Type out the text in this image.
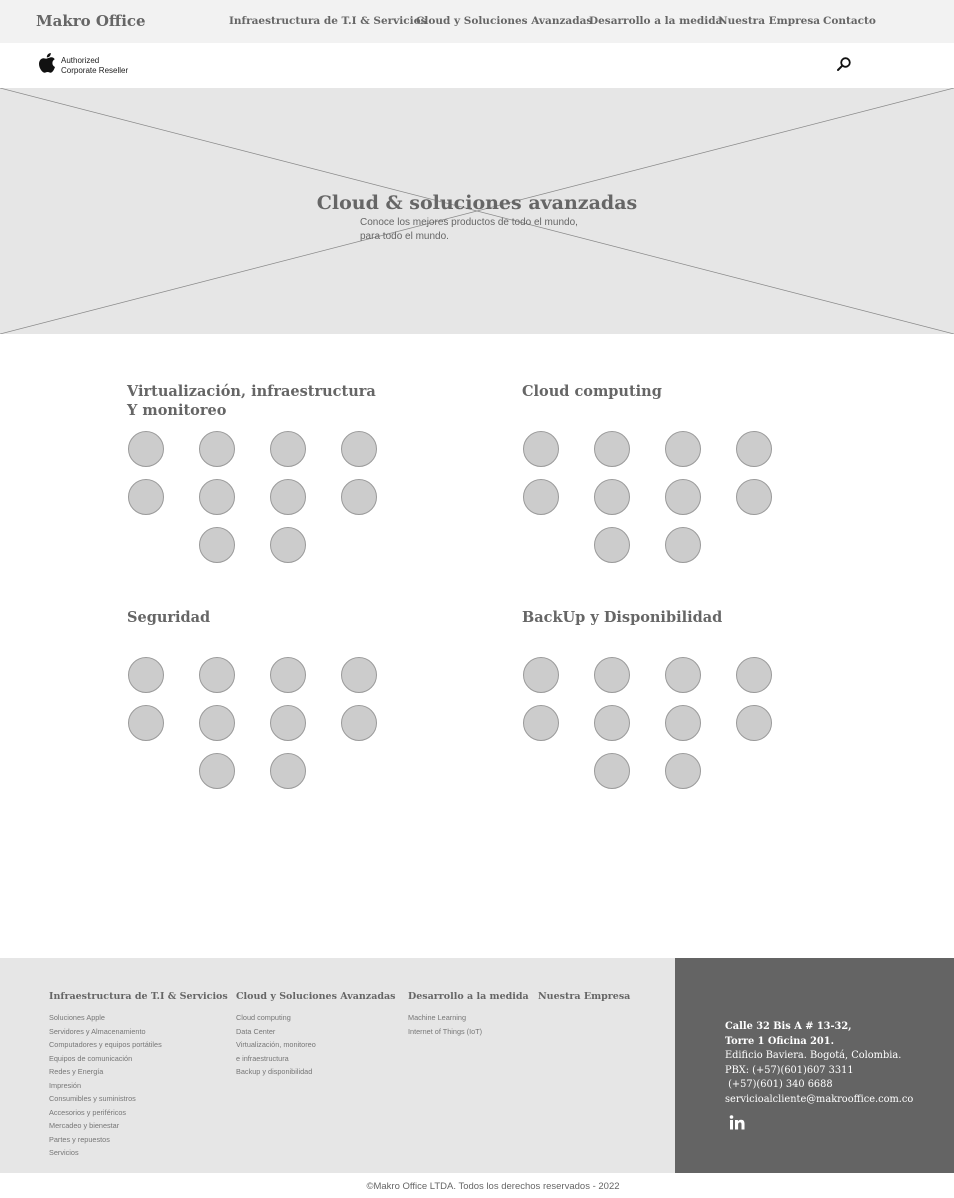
Makro Office	Infraestructura de T.I & Servicios
Cloud y Soluciones Avanzadas
Desarrollo a la medida
Nuestra Empresa Contacto
Authorized
Corporate Reseller
Cloud & soluciones avanzadas
Conoce los mejores productos de todo el mundo,
para todo el mundo.
Virtualización, infraestructura
Y monitoreo
Cloud computing
Seguridad	BackUp y Disponibilidad
Infraestructura de T.I & Servicios
Soluciones Apple
Servidores y Almacenamiento
Computadores y equipos portátiles
Equipos de comunicación
Redes y Energía
Impresión
Consumibles y suministros
Accesorios y periféricos
Mercadeo y bienestar
Partes y repuestos
Servicios
Cloud y Soluciones Avanzadas
Cloud computing
Data Center
Virtualización, monitoreo
e infraestructura
Backup y disponibilidad
Desarrollo a la medida
Machine Learning
Internet of Things (IoT)
Nuestra Empresa
Calle 32 Bis A # 13-32,
Torre 1 Oficina 201.
Edificio Baviera. Bogotá, Colombia.
PBX: (+57)(601)607 3311
(+57)(601) 340 6688
servicioalcliente@makrooffice.com.co
©Makro Office LTDA. Todos los derechos reservados - 2022
